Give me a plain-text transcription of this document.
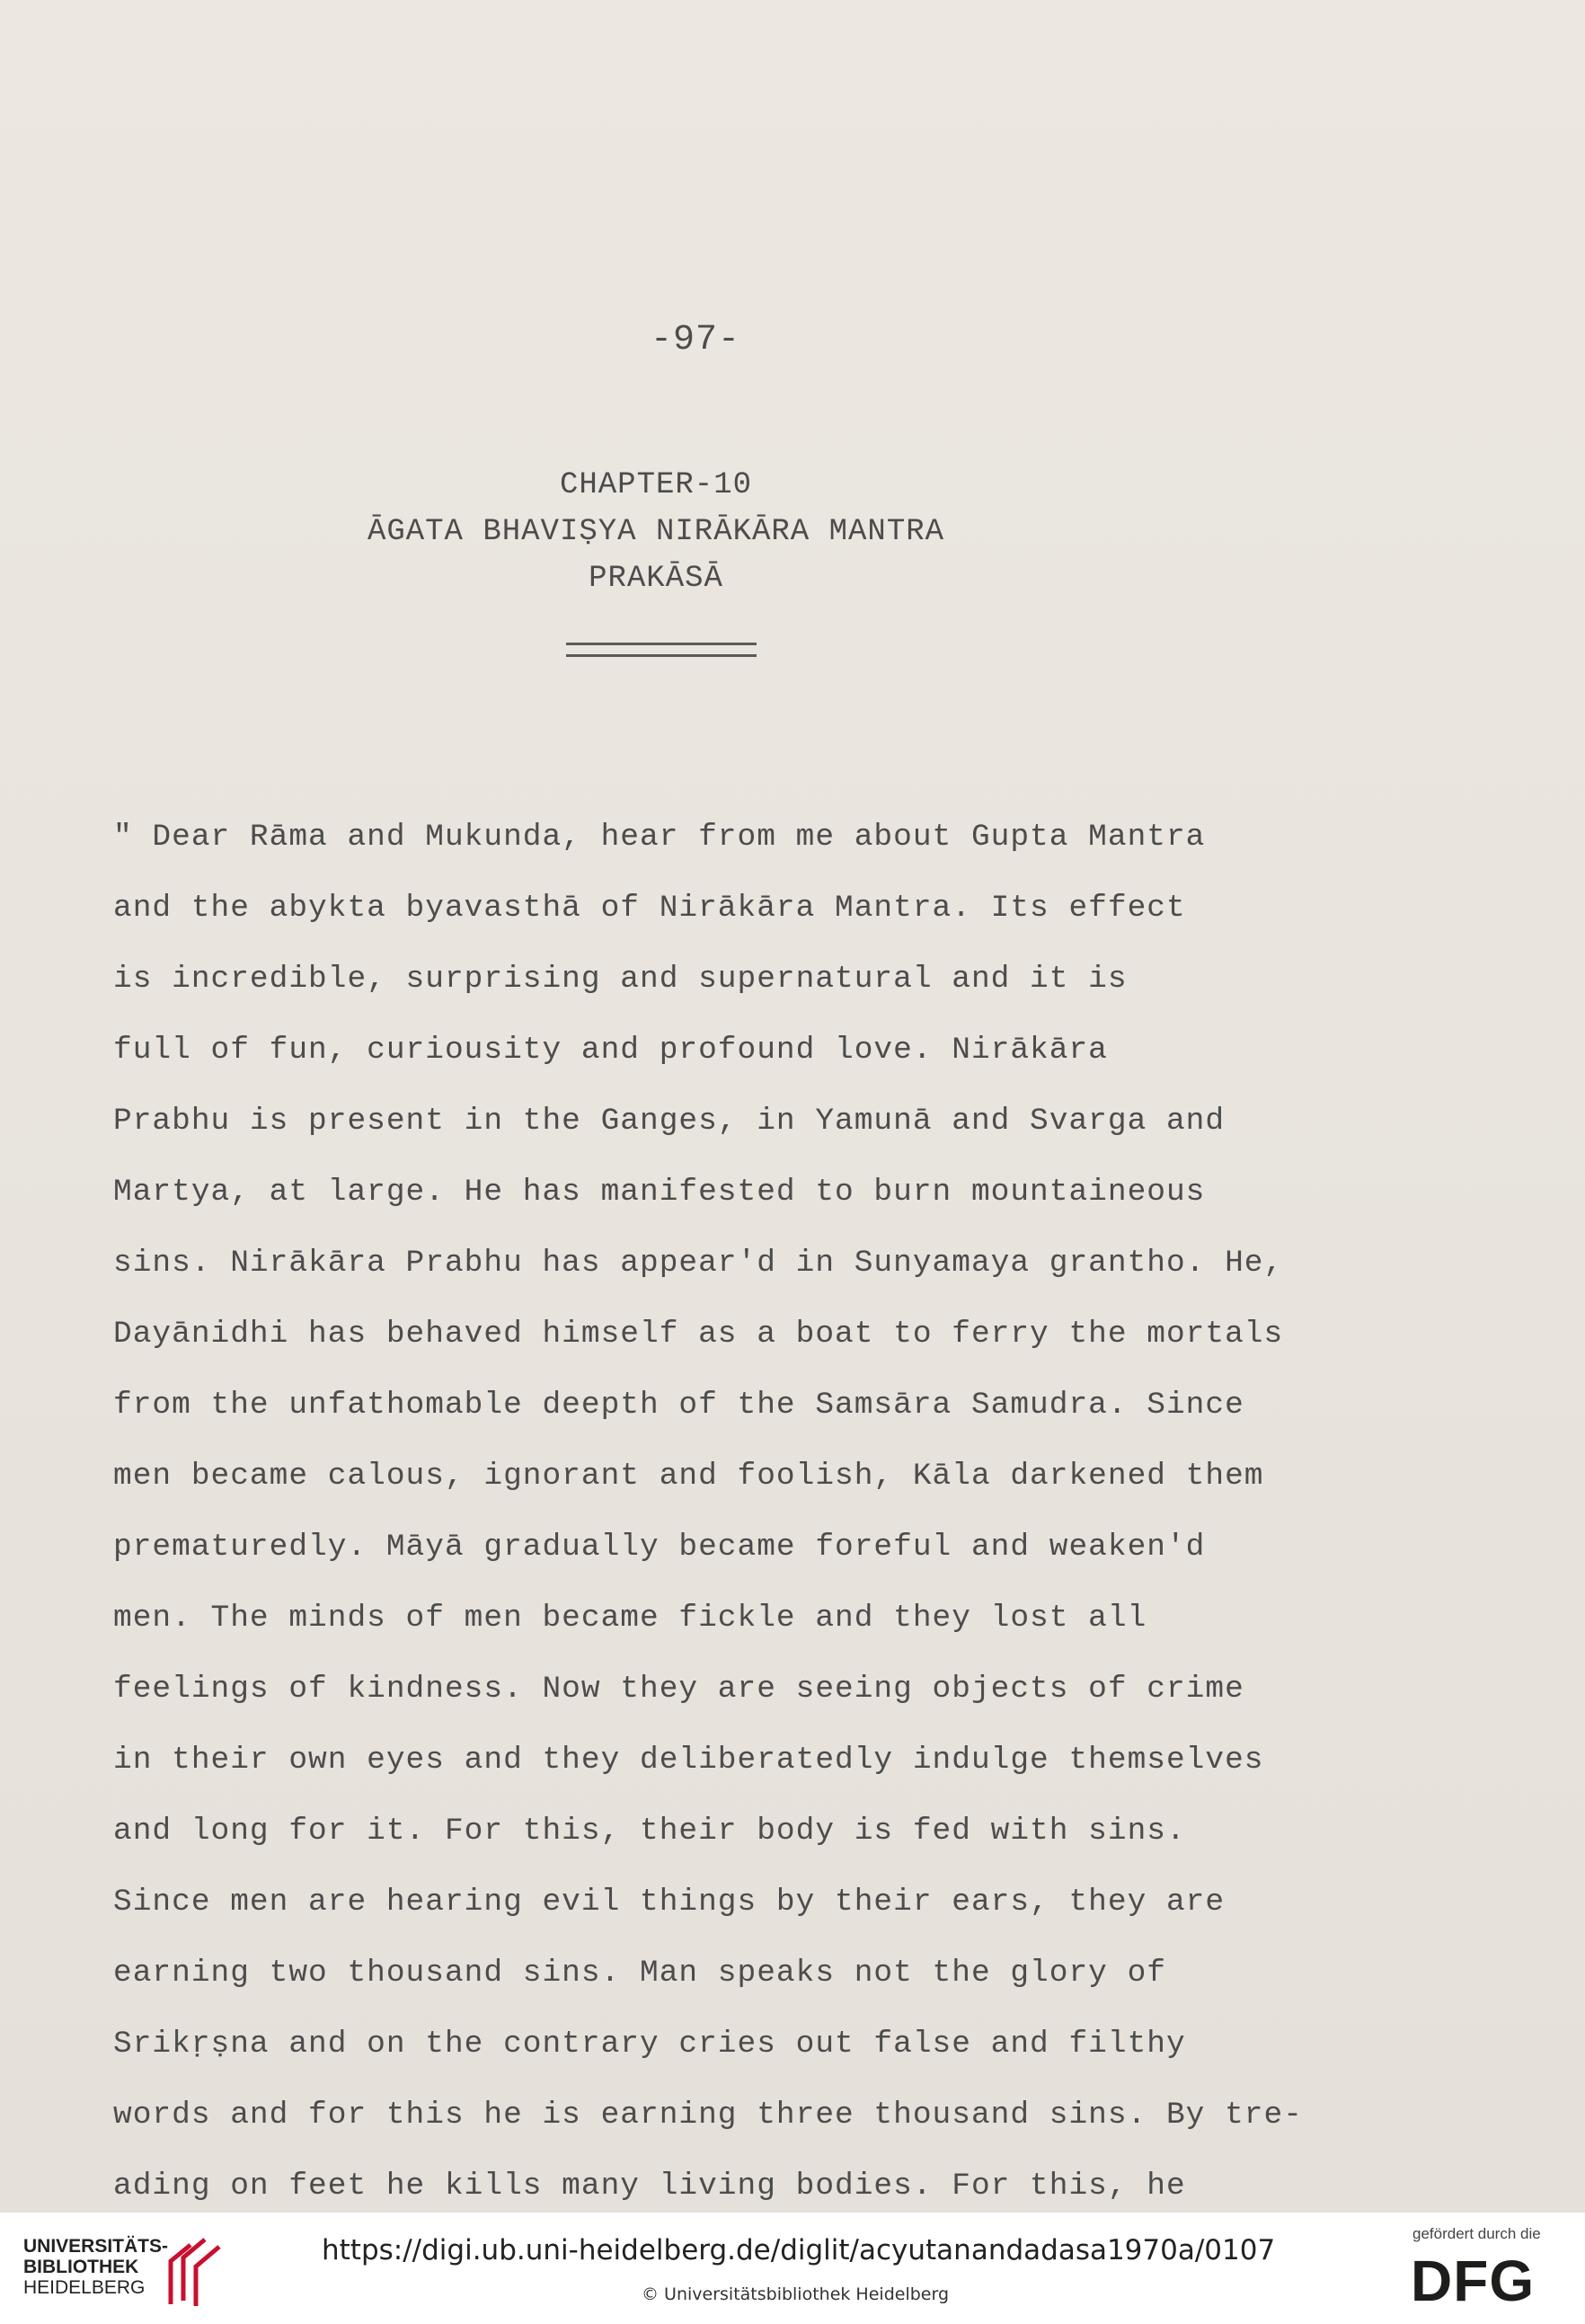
-97-
CHAPTER-10
ĀGATA BHAVIṢYA NIRĀKĀRA MANTRA
PRAKĀSĀ
" Dear Rāma and Mukunda, hear from me about Gupta Mantra
and the abykta byavasthā of Nirākāra Mantra. Its effect
is incredible, surprising and supernatural and it is
full of fun, curiousity and profound love. Nirākāra
Prabhu is present in the Ganges, in Yamunā and Svarga and
Martya, at large. He has manifested to burn mountaineous
sins. Nirākāra Prabhu has appear'd in Sunyamaya grantho. He,
Dayānidhi has behaved himself as a boat to ferry the mortals
from the unfathomable deepth of the Samsāra Samudra. Since
men became calous, ignorant and foolish, Kāla darkened them
prematuredly. Māyā gradually became foreful and weaken'd
men. The minds of men became fickle and they lost all
feelings of kindness. Now they are seeing objects of crime
in their own eyes and they deliberatedly indulge themselves
and long for it. For this, their body is fed with sins.
Since men are hearing evil things by their ears, they are
earning two thousand sins. Man speaks not the glory of
Srikṛṣna and on the contrary cries out false and filthy
words and for this he is earning three thousand sins. By tre-
ading on feet he kills many living bodies. For this, he
UNIVERSITÄTS-
BIBLIOTHEK
HEIDELBERG
https://digi.ub.uni-heidelberg.de/diglit/acyutanandadasa1970a/0107
© Universitätsbibliothek Heidelberg
gefördert durch die
DFG
